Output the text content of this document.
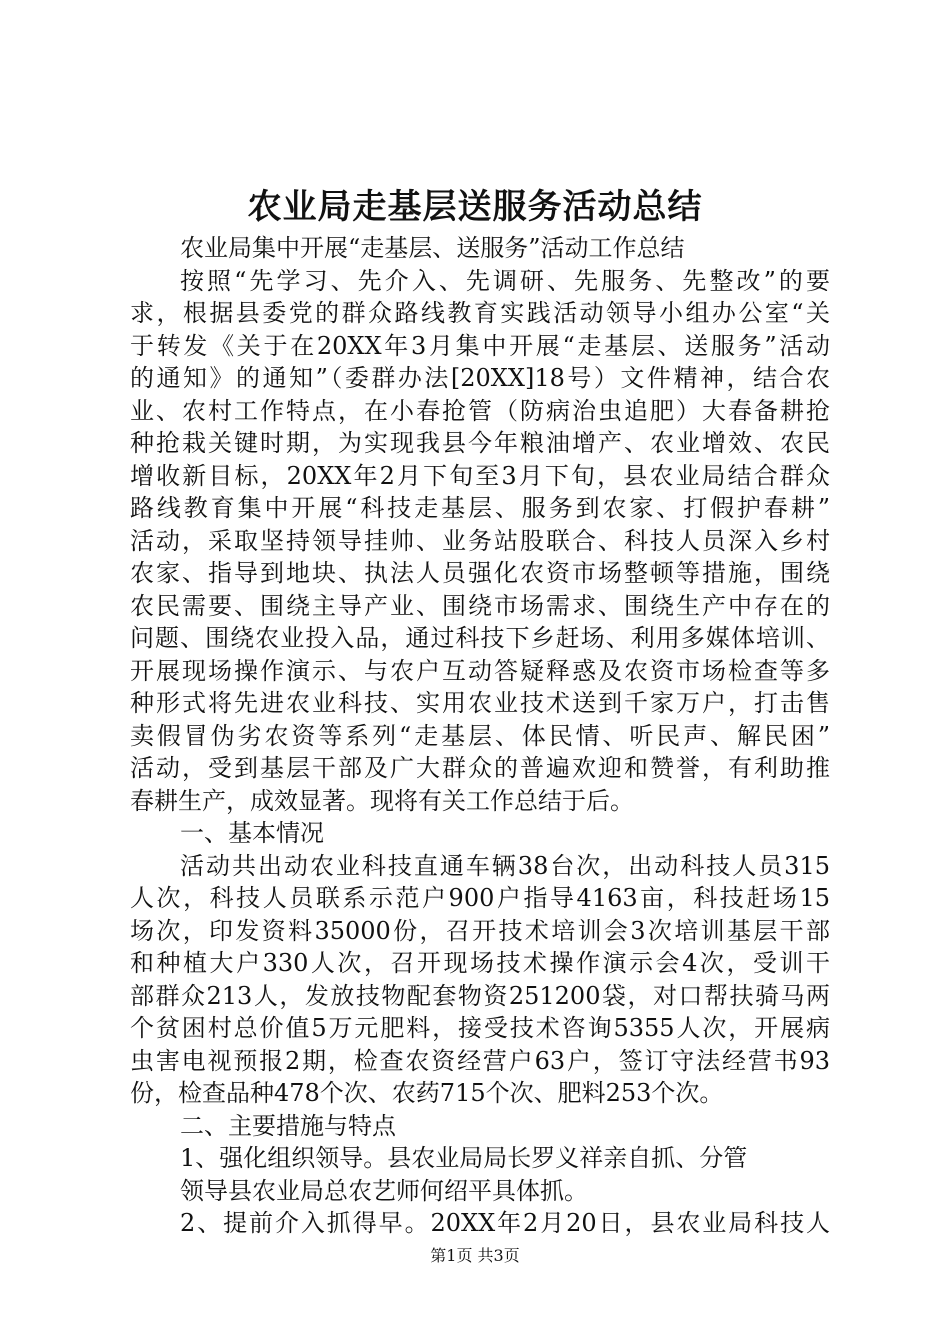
农业局走基层送服务活动总结
农业局集中开展“走基层、送服务”活动工作总结
按照“先学习、先介入、先调研、先服务、先整改”的要
求，根据县委党的群众路线教育实践活动领导小组办公室“关
于转发《关于在20XX年3月集中开展“走基层、送服务”活动
的通知》的通知”（委群办法[20XX]18号）文件精神，结合农
业、农村工作特点，在小春抢管（防病治虫追肥）大春备耕抢
种抢栽关键时期，为实现我县今年粮油增产、农业增效、农民
增收新目标，20XX年2月下旬至3月下旬，县农业局结合群众
路线教育集中开展“科技走基层、服务到农家、打假护春耕”
活动，采取坚持领导挂帅、业务站股联合、科技人员深入乡村
农家、指导到地块、执法人员强化农资市场整顿等措施，围绕
农民需要、围绕主导产业、围绕市场需求、围绕生产中存在的
问题、围绕农业投入品，通过科技下乡赶场、利用多媒体培训、
开展现场操作演示、与农户互动答疑释惑及农资市场检查等多
种形式将先进农业科技、实用农业技术送到千家万户，打击售
卖假冒伪劣农资等系列“走基层、体民情、听民声、解民困”
活动，受到基层干部及广大群众的普遍欢迎和赞誉，有利助推
春耕生产，成效显著。现将有关工作总结于后。
一、基本情况
活动共出动农业科技直通车辆38台次，出动科技人员315
人次，科技人员联系示范户900户指导4163亩，科技赶场15
场次，印发资料35000份，召开技术培训会3次培训基层干部
和种植大户330人次，召开现场技术操作演示会4次，受训干
部群众213人，发放技物配套物资251200袋，对口帮扶骑马两
个贫困村总价值5万元肥料，接受技术咨询5355人次，开展病
虫害电视预报2期，检查农资经营户63户，签订守法经营书93
份，检查品种478个次、农药715个次、肥料253个次。
二、主要措施与特点
1、强化组织领导。县农业局局长罗义祥亲自抓、分管
领导县农业局总农艺师何绍平具体抓。
2、提前介入抓得早。20XX年2月20日，县农业局科技人
第1页 共3页
